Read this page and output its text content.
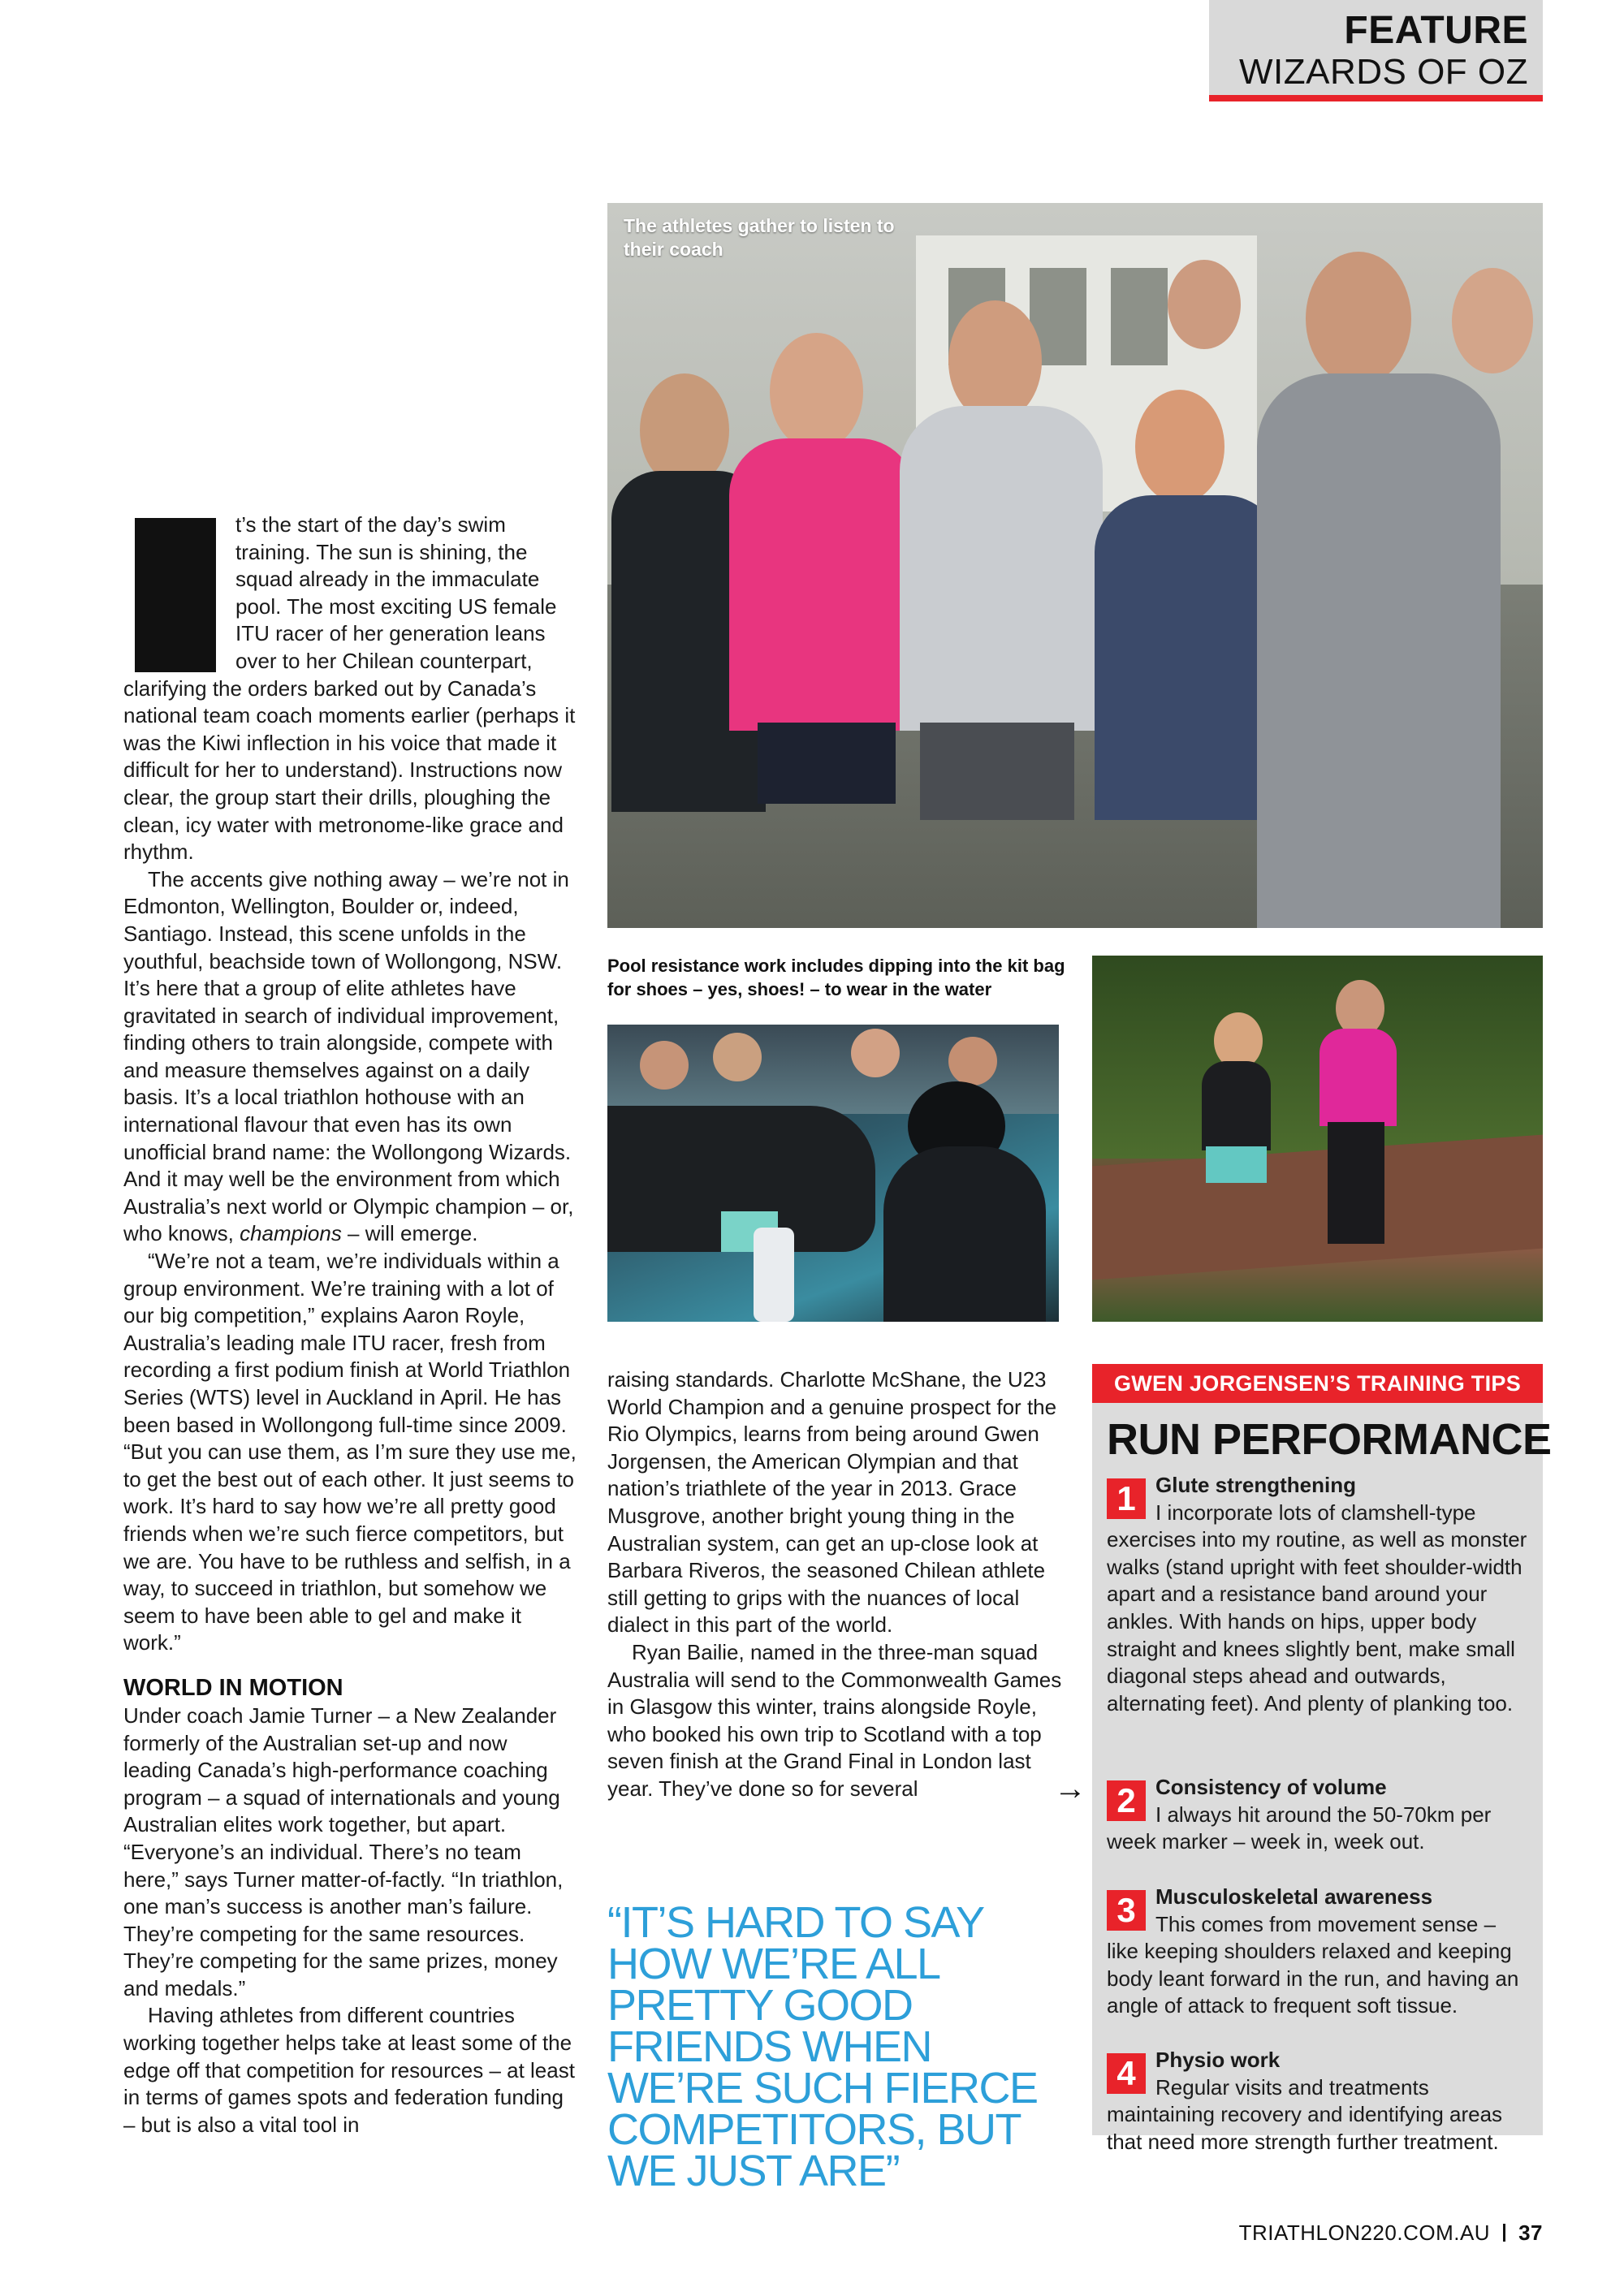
FEATURE
WIZARDS OF OZ
The athletes gather to listen to their coach
Pool resistance work includes dipping into the kit bag for shoes – yes, shoes! – to wear in the water

t’s the start of the day’s swim training. The sun is shining, the squad already in the immaculate pool. The most exciting US female ITU racer of her generation leans over to her Chilean counterpart, clarifying the orders barked out by Canada’s national team coach moments earlier (perhaps it was the Kiwi inflection in his voice that made it difficult for her to understand). Instructions now clear, the group start their drills, ploughing the clean, icy water with metronome-like grace and rhythm.

The accents give nothing away – we’re not in Edmonton, Wellington, Boulder or, indeed, Santiago. Instead, this scene unfolds in the youthful, beachside town of Wollongong, NSW. It’s here that a group of elite athletes have gravitated in search of individual improvement, finding others to train alongside, compete with and measure themselves against on a daily basis. It’s a local triathlon hothouse with an international flavour that even has its own unofficial brand name: the Wollongong Wizards. And it may well be the environment from which Australia’s next world or Olympic champion – or, who knows, champions – will emerge.

“We’re not a team, we’re individuals within a group environment. We’re training with a lot of our big competition,” explains Aaron Royle, Australia’s leading male ITU racer, fresh from recording a first podium finish at World Triathlon Series (WTS) level in Auckland in April. He has been based in Wollongong full-time since 2009. “But you can use them, as I’m sure they use me, to get the best out of each other. It just seems to work. It’s hard to say how we’re all pretty good friends when we’re such fierce competitors, but we are. You have to be ruthless and selfish, in a way, to succeed in triathlon, but somehow we seem to have been able to gel and make it work.”

WORLD IN MOTION

Under coach Jamie Turner – a New Zealander formerly of the Australian set-up and now leading Canada’s high-performance coaching program – a squad of internationals and young Australian elites work together, but apart. “Everyone’s an individual. There’s no team here,” says Turner matter-of-factly. “In triathlon, one man’s success is another man’s failure. They’re competing for the same resources. They’re competing for the same prizes, money and medals.”

Having athletes from different countries working together helps take at least some of the edge off that competition for resources – at least in terms of games spots and federation funding – but is also a vital tool in

raising standards. Charlotte McShane, the U23 World Champion and a genuine prospect for the Rio Olympics, learns from being around Gwen Jorgensen, the American Olympian and that nation’s triathlete of the year in 2013. Grace Musgrove, another bright young thing in the Australian system, can get an up-close look at Barbara Riveros, the seasoned Chilean athlete still getting to grips with the nuances of local dialect in this part of the world.

Ryan Bailie, named in the three-man squad Australia will send to the Commonwealth Games in Glasgow this winter, trains alongside Royle, who booked his own trip to Scotland with a top seven finish at the Grand Final in London last year. They’ve done so for several	→
“IT’S HARD TO SAY HOW WE’RE ALL PRETTY GOOD FRIENDS WHEN WE’RE SUCH FIERCE COMPETITORS, BUT WE JUST ARE”
GWEN JORGENSEN’S TRAINING TIPS
RUN PERFORMANCE
1 Glute strengthening
I incorporate lots of clamshell-type exercises into my routine, as well as monster walks (stand upright with feet shoulder-width apart and a resistance band around your ankles. With hands on hips, upper body straight and knees slightly bent, make small diagonal steps ahead and outwards, alternating feet). And plenty of planking too.
2 Consistency of volume
I always hit around the 50-70km per week marker – week in, week out.
3 Musculoskeletal awareness
This comes from movement sense – like keeping shoulders relaxed and keeping body leant forward in the run, and having an angle of attack to frequent soft tissue.
4 Physio work
Regular visits and treatments maintaining recovery and identifying areas that need more strength further treatment.
TRIATHLON220.COM.AU 37
